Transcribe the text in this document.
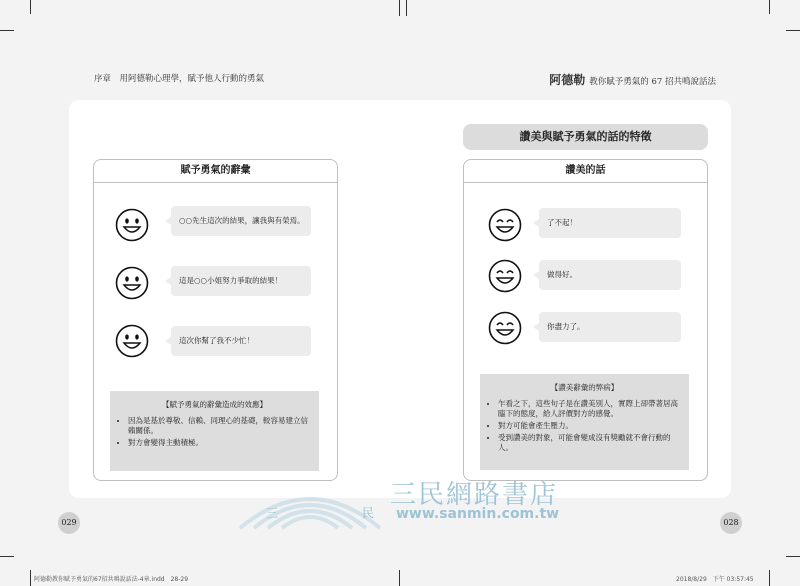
序章　用阿德勒心理學，賦予他人行動的勇氣	阿德勒 教你賦予勇氣的 67 招共鳴說話法
讚美與賦予勇氣的話的特徵
賦予勇氣的辭彙
○○先生這次的結果，讓我與有榮焉。
這是○○小姐努力爭取的結果！
這次你幫了我不少忙！
【賦予勇氣的辭彙造成的效應】
• 因為是基於尊敬、信賴、同理心的基礎，較容易建立信賴關係。
• 對方會變得主動積極。
讚美的話
了不起！
做得好。
你盡力了。
【讚美辭彙的弊病】
• 乍看之下，這些句子是在讚美別人，實際上卻帶著居高臨下的態度，給人評價對方的感覺。
• 對方可能會產生壓力。
• 受到讚美的對象，可能會變成沒有獎勵就不會行動的人。
029	028
三	民
三民網路書店
www.sanmin.com.tw
阿德勒教你賦予勇氣的67招共鳴說話法-4章.indd　28-29	2018/8/29　下午 03:57:45
